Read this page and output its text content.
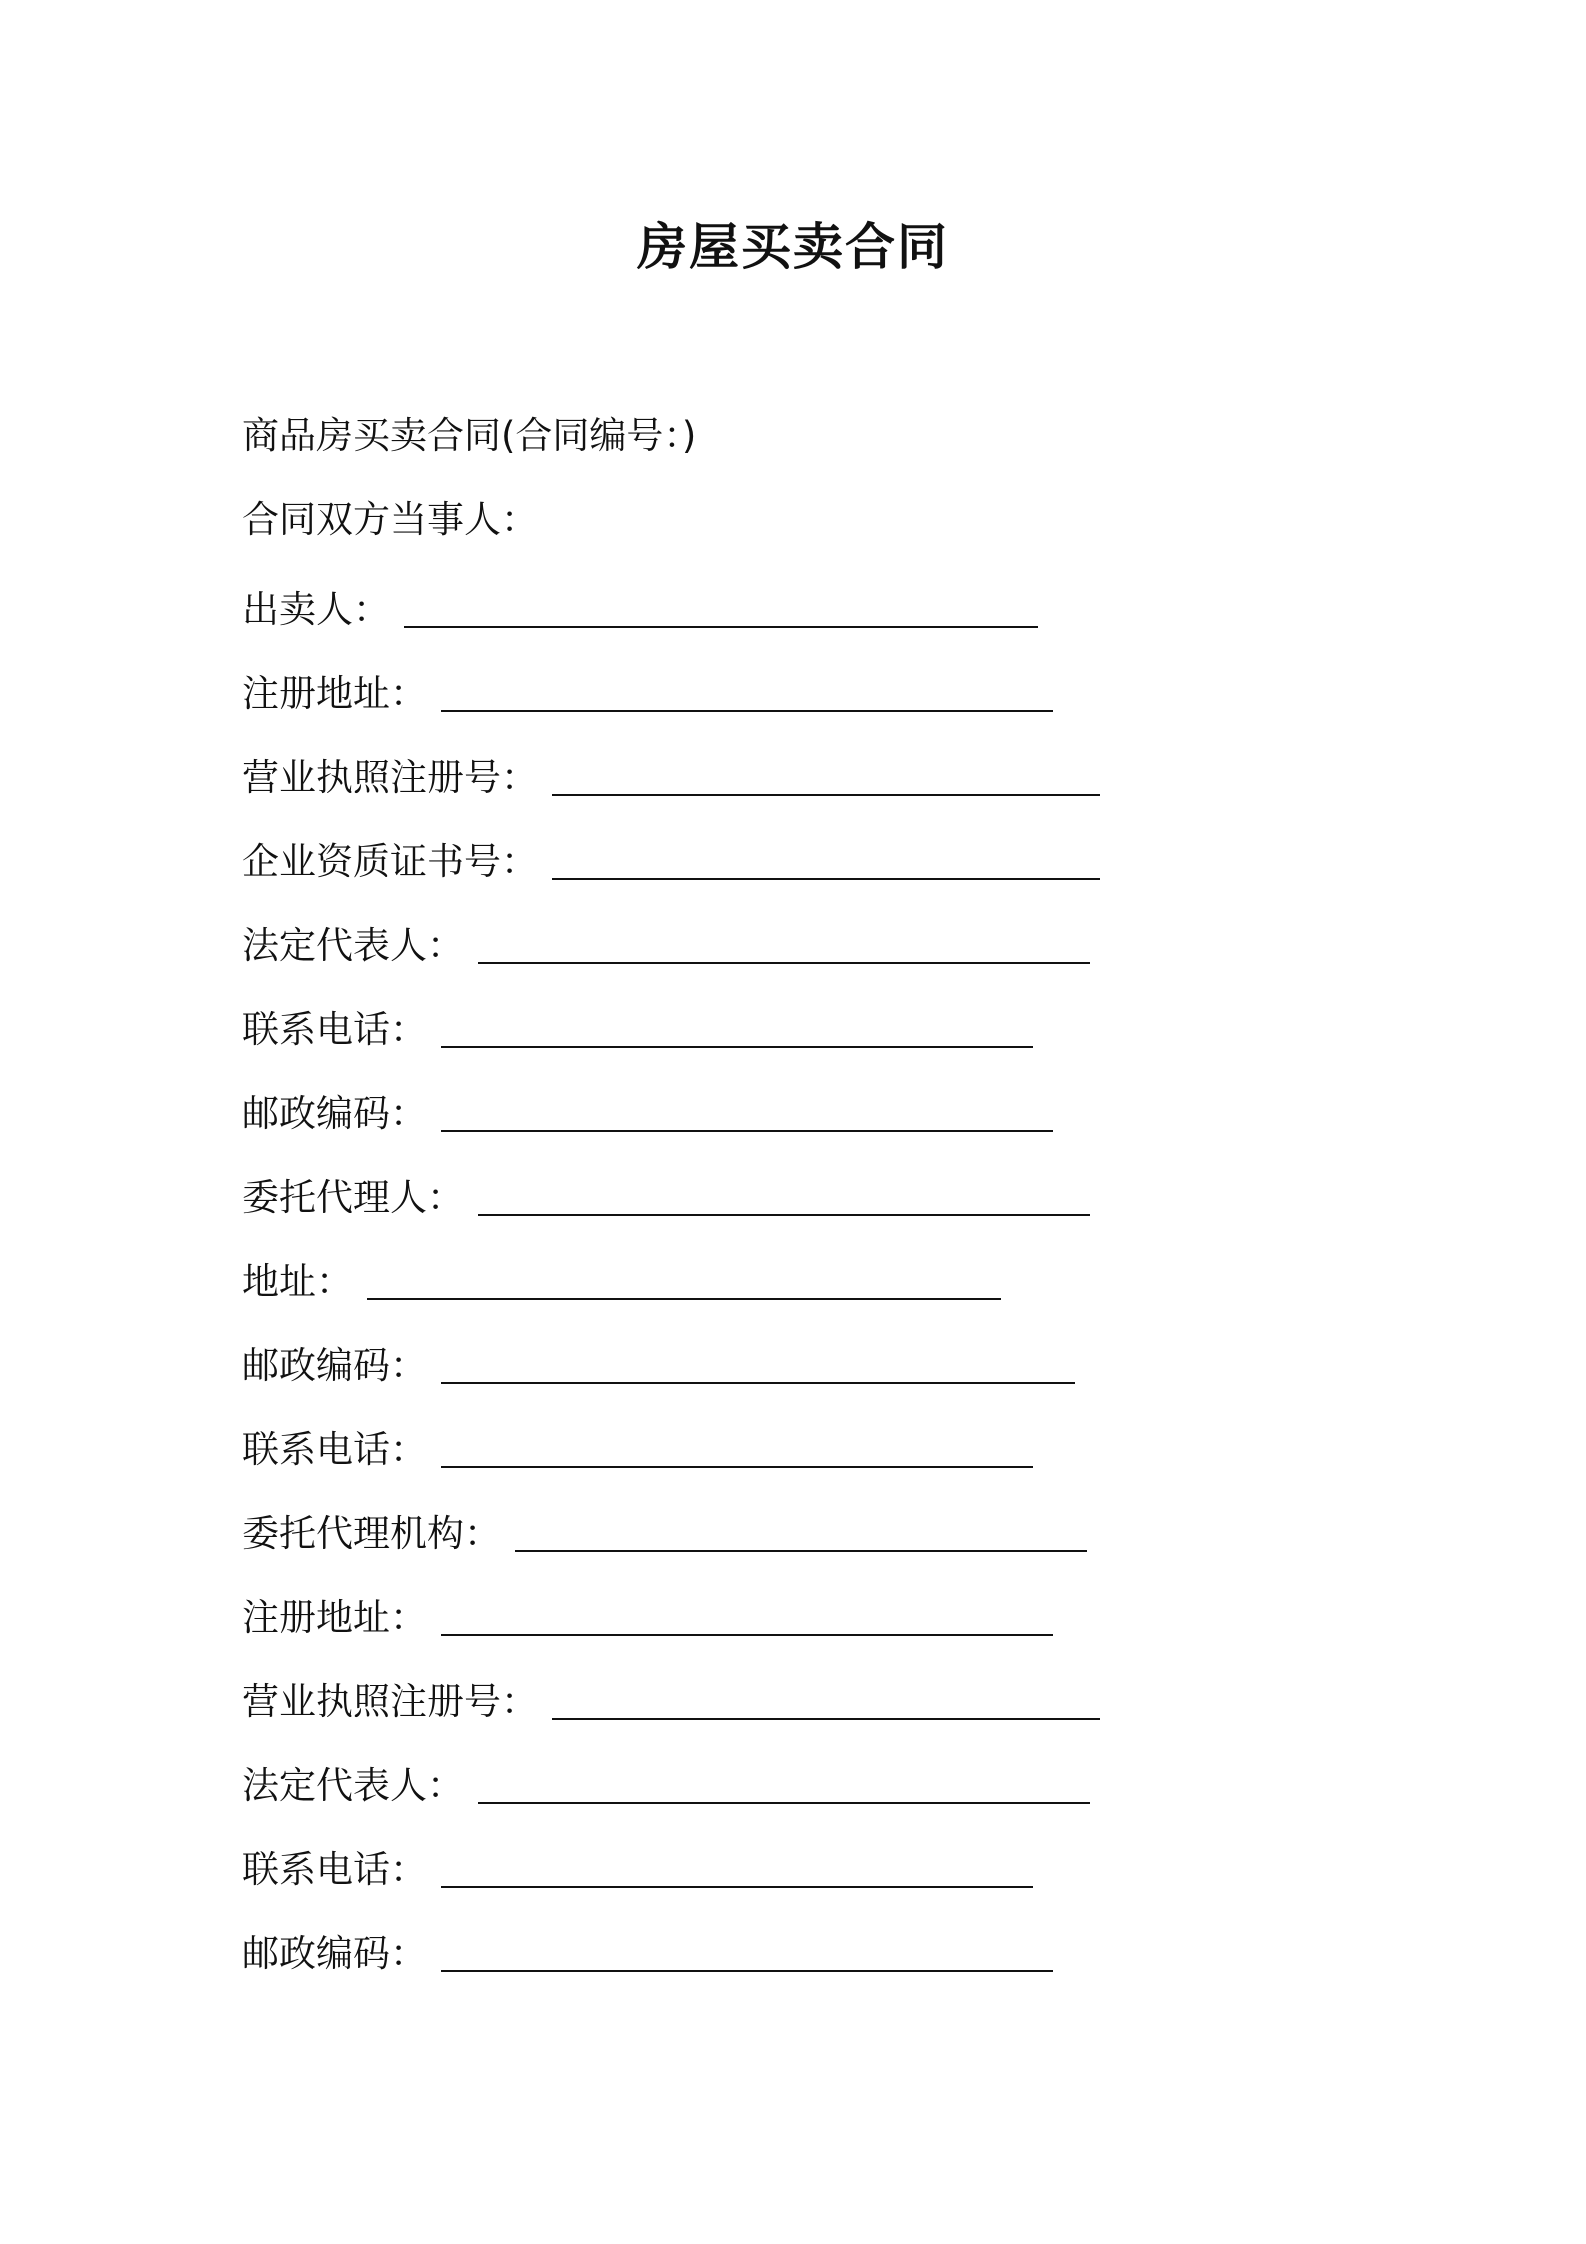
房屋买卖合同
商品房买卖合同(合同编号：)
合同双方当事人：
出卖人：
注册地址：
营业执照注册号：
企业资质证书号：
法定代表人：
联系电话：
邮政编码：
委托代理人：
地址：
邮政编码：
联系电话：
委托代理机构：
注册地址：
营业执照注册号：
法定代表人：
联系电话：
邮政编码：
